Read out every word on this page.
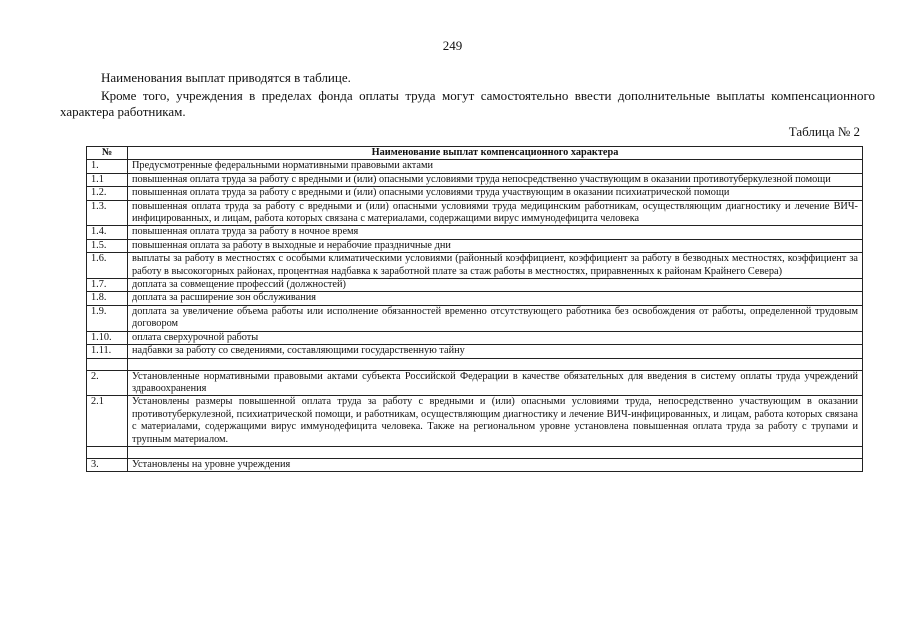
249
Наименования выплат приводятся в таблице.
Кроме того, учреждения в пределах фонда оплаты труда могут самостоятельно ввести дополнительные выплаты компенсационного характера работникам.
Таблица № 2
№	Наименование выплат компенсационного характера
1.	Предусмотренные федеральными нормативными правовыми актами
1.1	повышенная оплата труда за работу с вредными и (или) опасными условиями труда непосредственно участвующим в оказании противотуберкулезной помощи
1.2.	повышенная оплата труда за работу с вредными и (или) опасными условиями труда участвующим в оказании психиатрической помощи
1.3.	повышенная оплата труда за работу с вредными и (или) опасными условиями труда медицинским работникам, осуществляющим диагностику и лечение ВИЧ-инфицированных, и лицам, работа которых связана с материалами, содержащими вирус иммунодефицита человека
1.4.	повышенная оплата труда за работу в ночное время
1.5.	повышенная оплата за работу в выходные и нерабочие праздничные дни
1.6.	выплаты за работу в местностях с особыми климатическими условиями (районный коэффициент, коэффициент за работу в безводных местностях, коэффициент за работу в высокогорных районах, процентная надбавка к заработной плате за стаж работы в местностях, приравненных к районам Крайнего Севера)
1.7.	доплата за совмещение профессий (должностей)
1.8.	доплата за расширение зон обслуживания
1.9.	доплата за увеличение объема работы или исполнение обязанностей временно отсутствующего работника без освобождения от работы, определенной трудовым договором
1.10.	оплата сверхурочной работы
1.11.	надбавки за работу со сведениями, составляющими государственную тайну

2.	Установленные нормативными правовыми актами субъекта Российской Федерации в качестве обязательных для введения в систему оплаты труда учреждений здравоохранения
2.1	Установлены размеры повышенной оплата труда за работу с вредными и (или) опасными условиями труда, непосредственно участвующим в оказании противотуберкулезной, психиатрической помощи, и работникам, осуществляющим диагностику и лечение ВИЧ-инфицированных, и лицам, работа которых связана с материалами, содержащими вирус иммунодефицита человека. Также на региональном уровне установлена повышенная оплата труда за работу с трупами и трупным материалом.

3.	Установлены на уровне учреждения
